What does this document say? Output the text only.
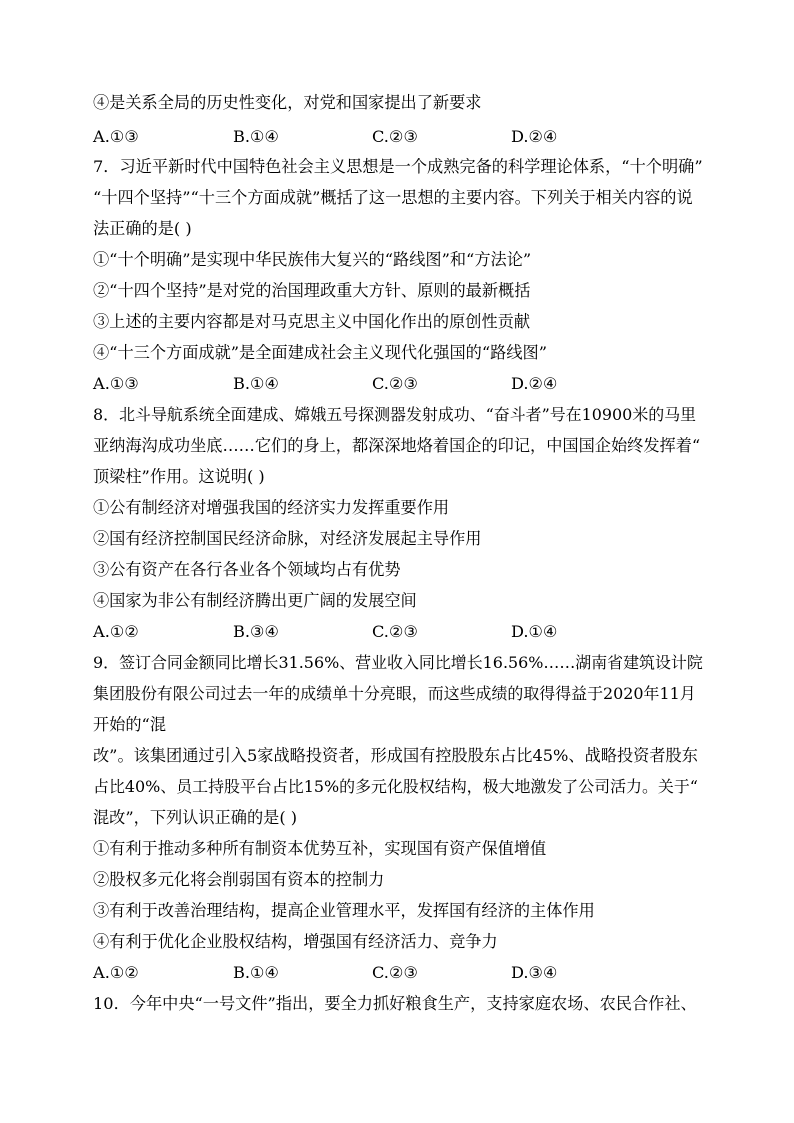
④是关系全局的历史性变化，对党和国家提出了新要求
A.①③	B.①④	C.②③	D.②④
7．习近平新时代中国特色社会主义思想是一个成熟完备的科学理论体系，“十个明确”
“十四个坚持”“十三个方面成就”概括了这一思想的主要内容。下列关于相关内容的说
法正确的是( )
①“十个明确”是实现中华民族伟大复兴的“路线图”和“方法论”
②“十四个坚持”是对党的治国理政重大方针、原则的最新概括
③上述的主要内容都是对马克思主义中国化作出的原创性贡献
④“十三个方面成就”是全面建成社会主义现代化强国的“路线图”
A.①③	B.①④	C.②③	D.②④
8．北斗导航系统全面建成、嫦娥五号探测器发射成功、“奋斗者”号在10900米的马里
亚纳海沟成功坐底……它们的身上，都深深地烙着国企的印记，中国国企始终发挥着“
顶梁柱”作用。这说明( )
①公有制经济对增强我国的经济实力发挥重要作用
②国有经济控制国民经济命脉，对经济发展起主导作用
③公有资产在各行各业各个领域均占有优势
④国家为非公有制经济腾出更广阔的发展空间
A.①②	B.③④	C.②③	D.①④
9．签订合同金额同比增长31.56%、营业收入同比增长16.56%……湖南省建筑设计院
集团股份有限公司过去一年的成绩单十分亮眼，而这些成绩的取得得益于2020年11月
开始的“混
改”。该集团通过引入5家战略投资者，形成国有控股股东占比45%、战略投资者股东
占比40%、员工持股平台占比15%的多元化股权结构，极大地激发了公司活力。关于“
混改”，下列认识正确的是( )
①有利于推动多种所有制资本优势互补，实现国有资产保值增值
②股权多元化将会削弱国有资本的控制力
③有利于改善治理结构，提高企业管理水平，发挥国有经济的主体作用
④有利于优化企业股权结构，增强国有经济活力、竞争力
A.①②	B.①④	C.②③	D.③④
10．今年中央“一号文件”指出，要全力抓好粮食生产，支持家庭农场、农民合作社、
